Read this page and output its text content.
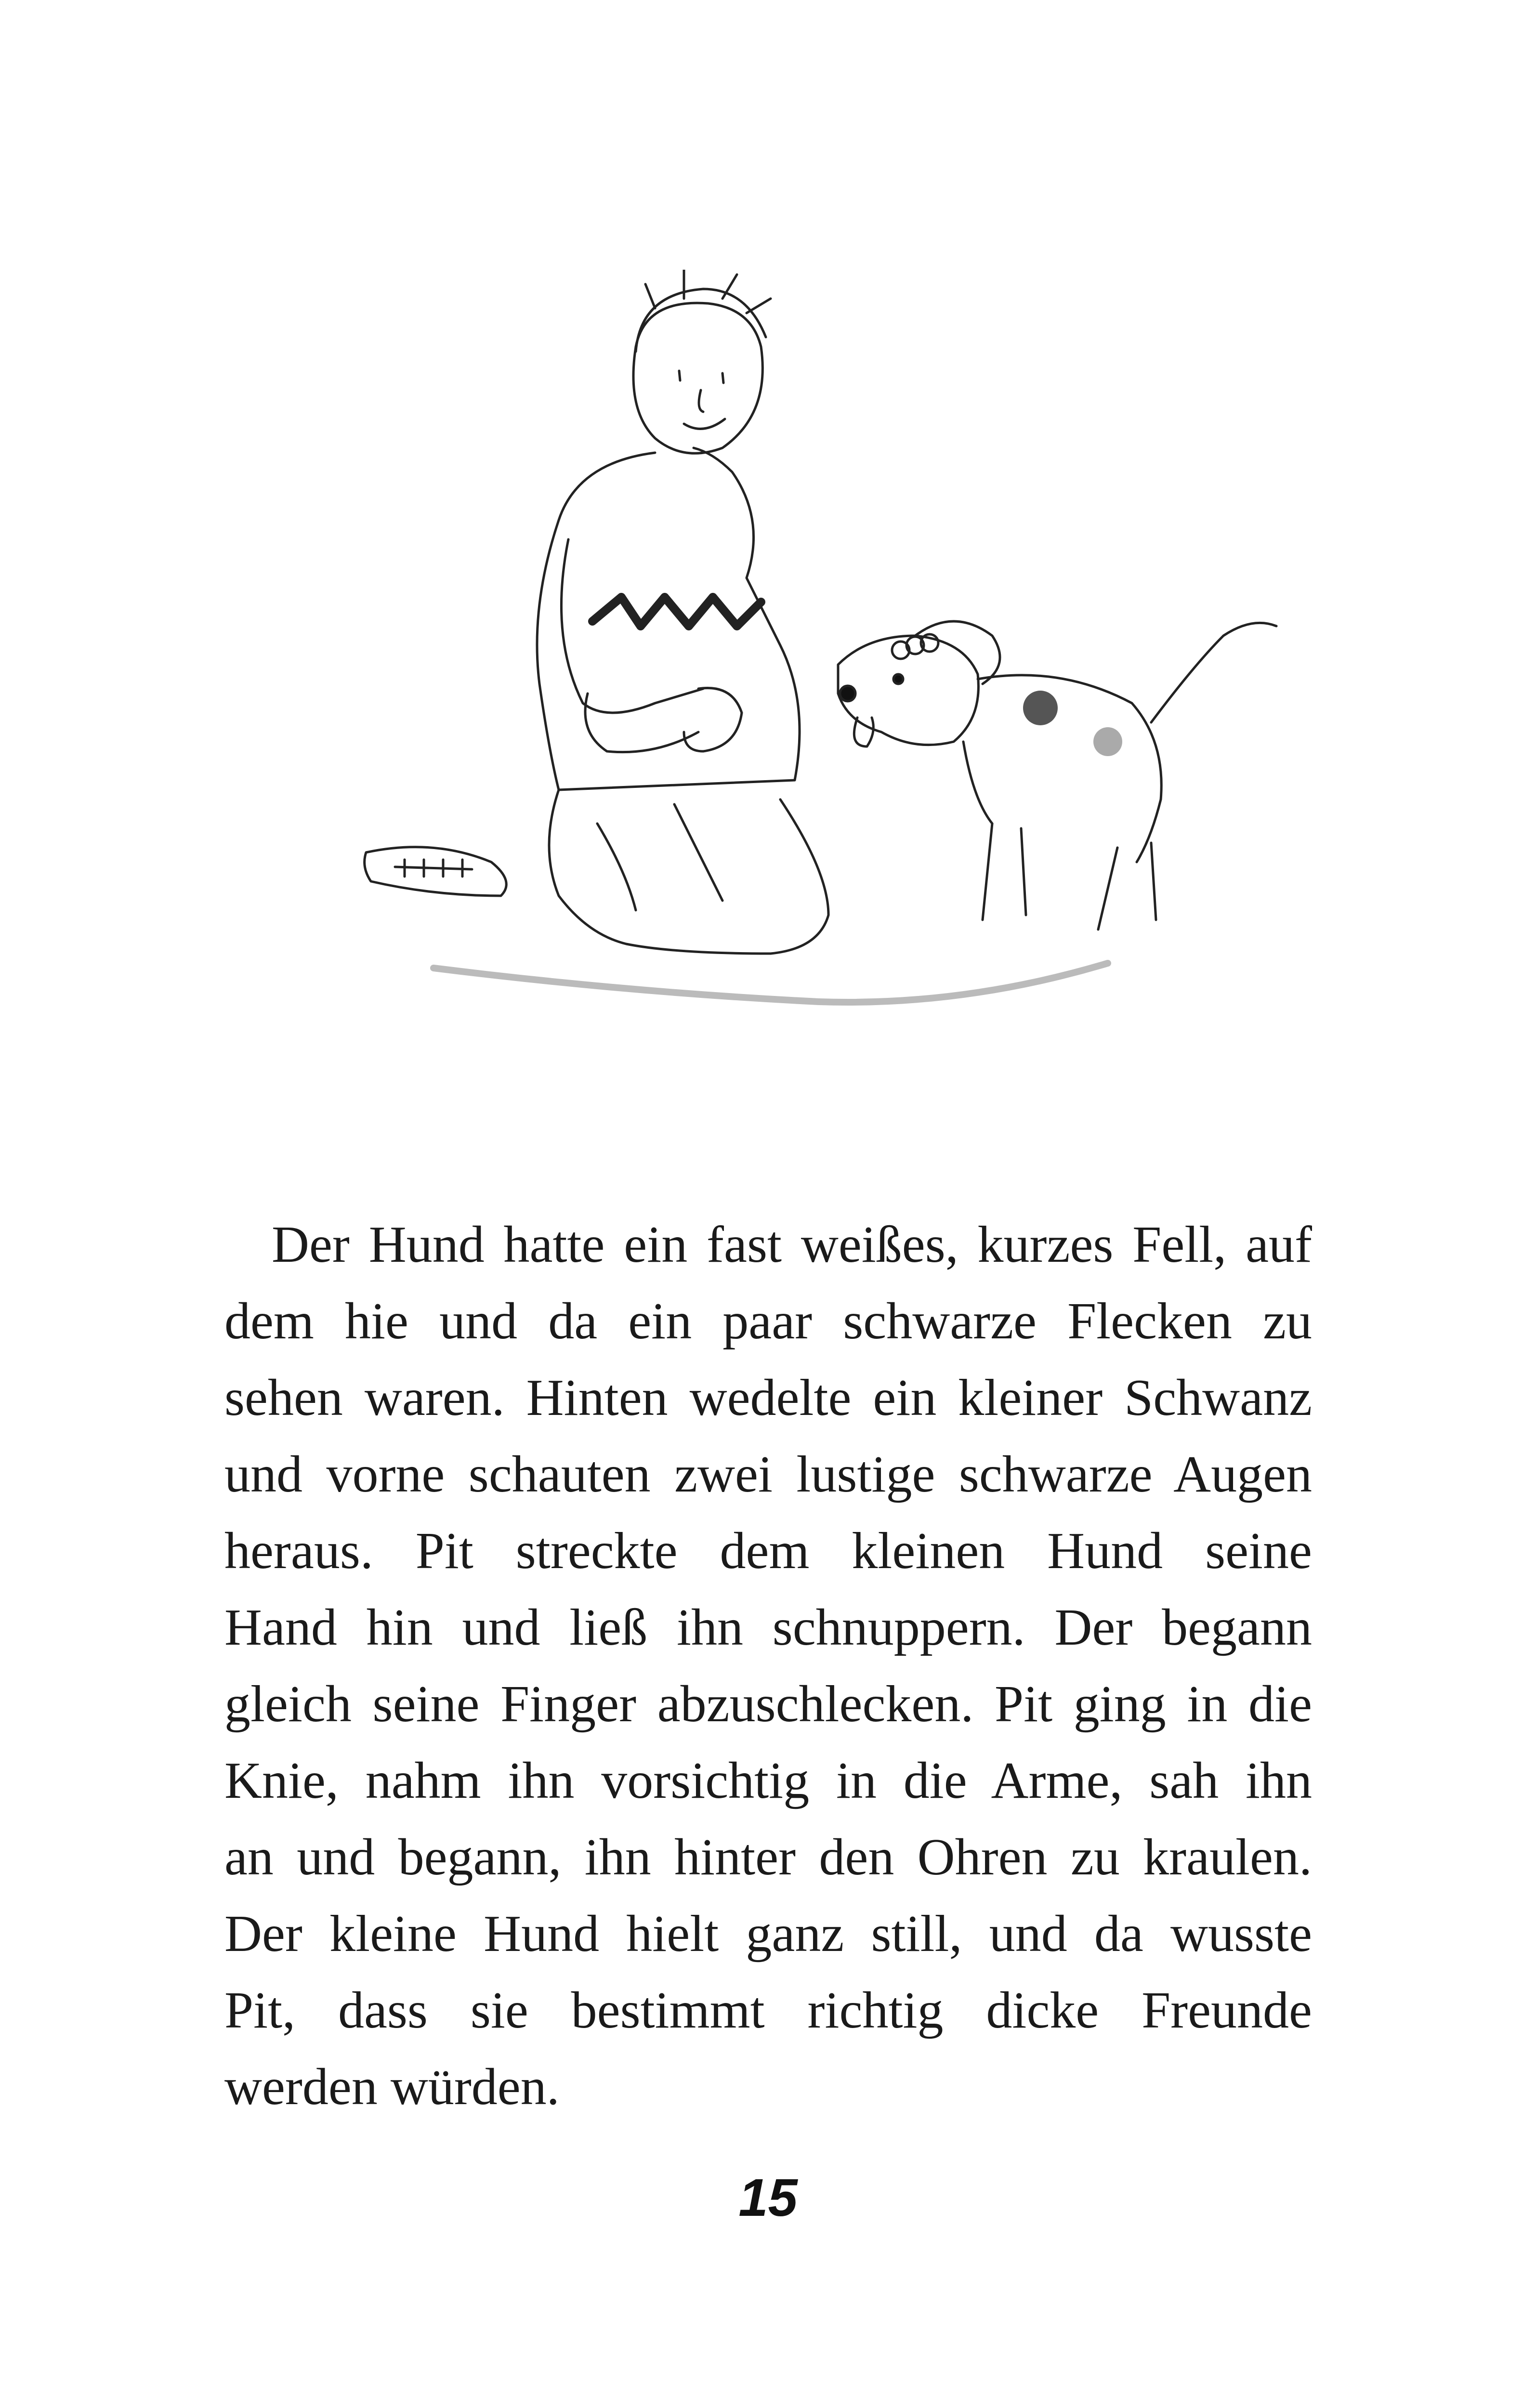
Der Hund hatte ein fast weißes, kurzes Fell, auf
dem hie und da ein paar schwarze Flecken zu
sehen waren. Hinten wedelte ein kleiner Schwanz
und vorne schauten zwei lustige schwarze Augen
heraus. Pit streckte dem kleinen Hund seine
Hand hin und ließ ihn schnuppern. Der begann
gleich seine Finger abzuschlecken. Pit ging in die
Knie, nahm ihn vorsichtig in die Arme, sah ihn
an und begann, ihn hinter den Ohren zu kraulen.
Der kleine Hund hielt ganz still, und da wusste
Pit, dass sie bestimmt richtig dicke Freunde
werden würden.
15
